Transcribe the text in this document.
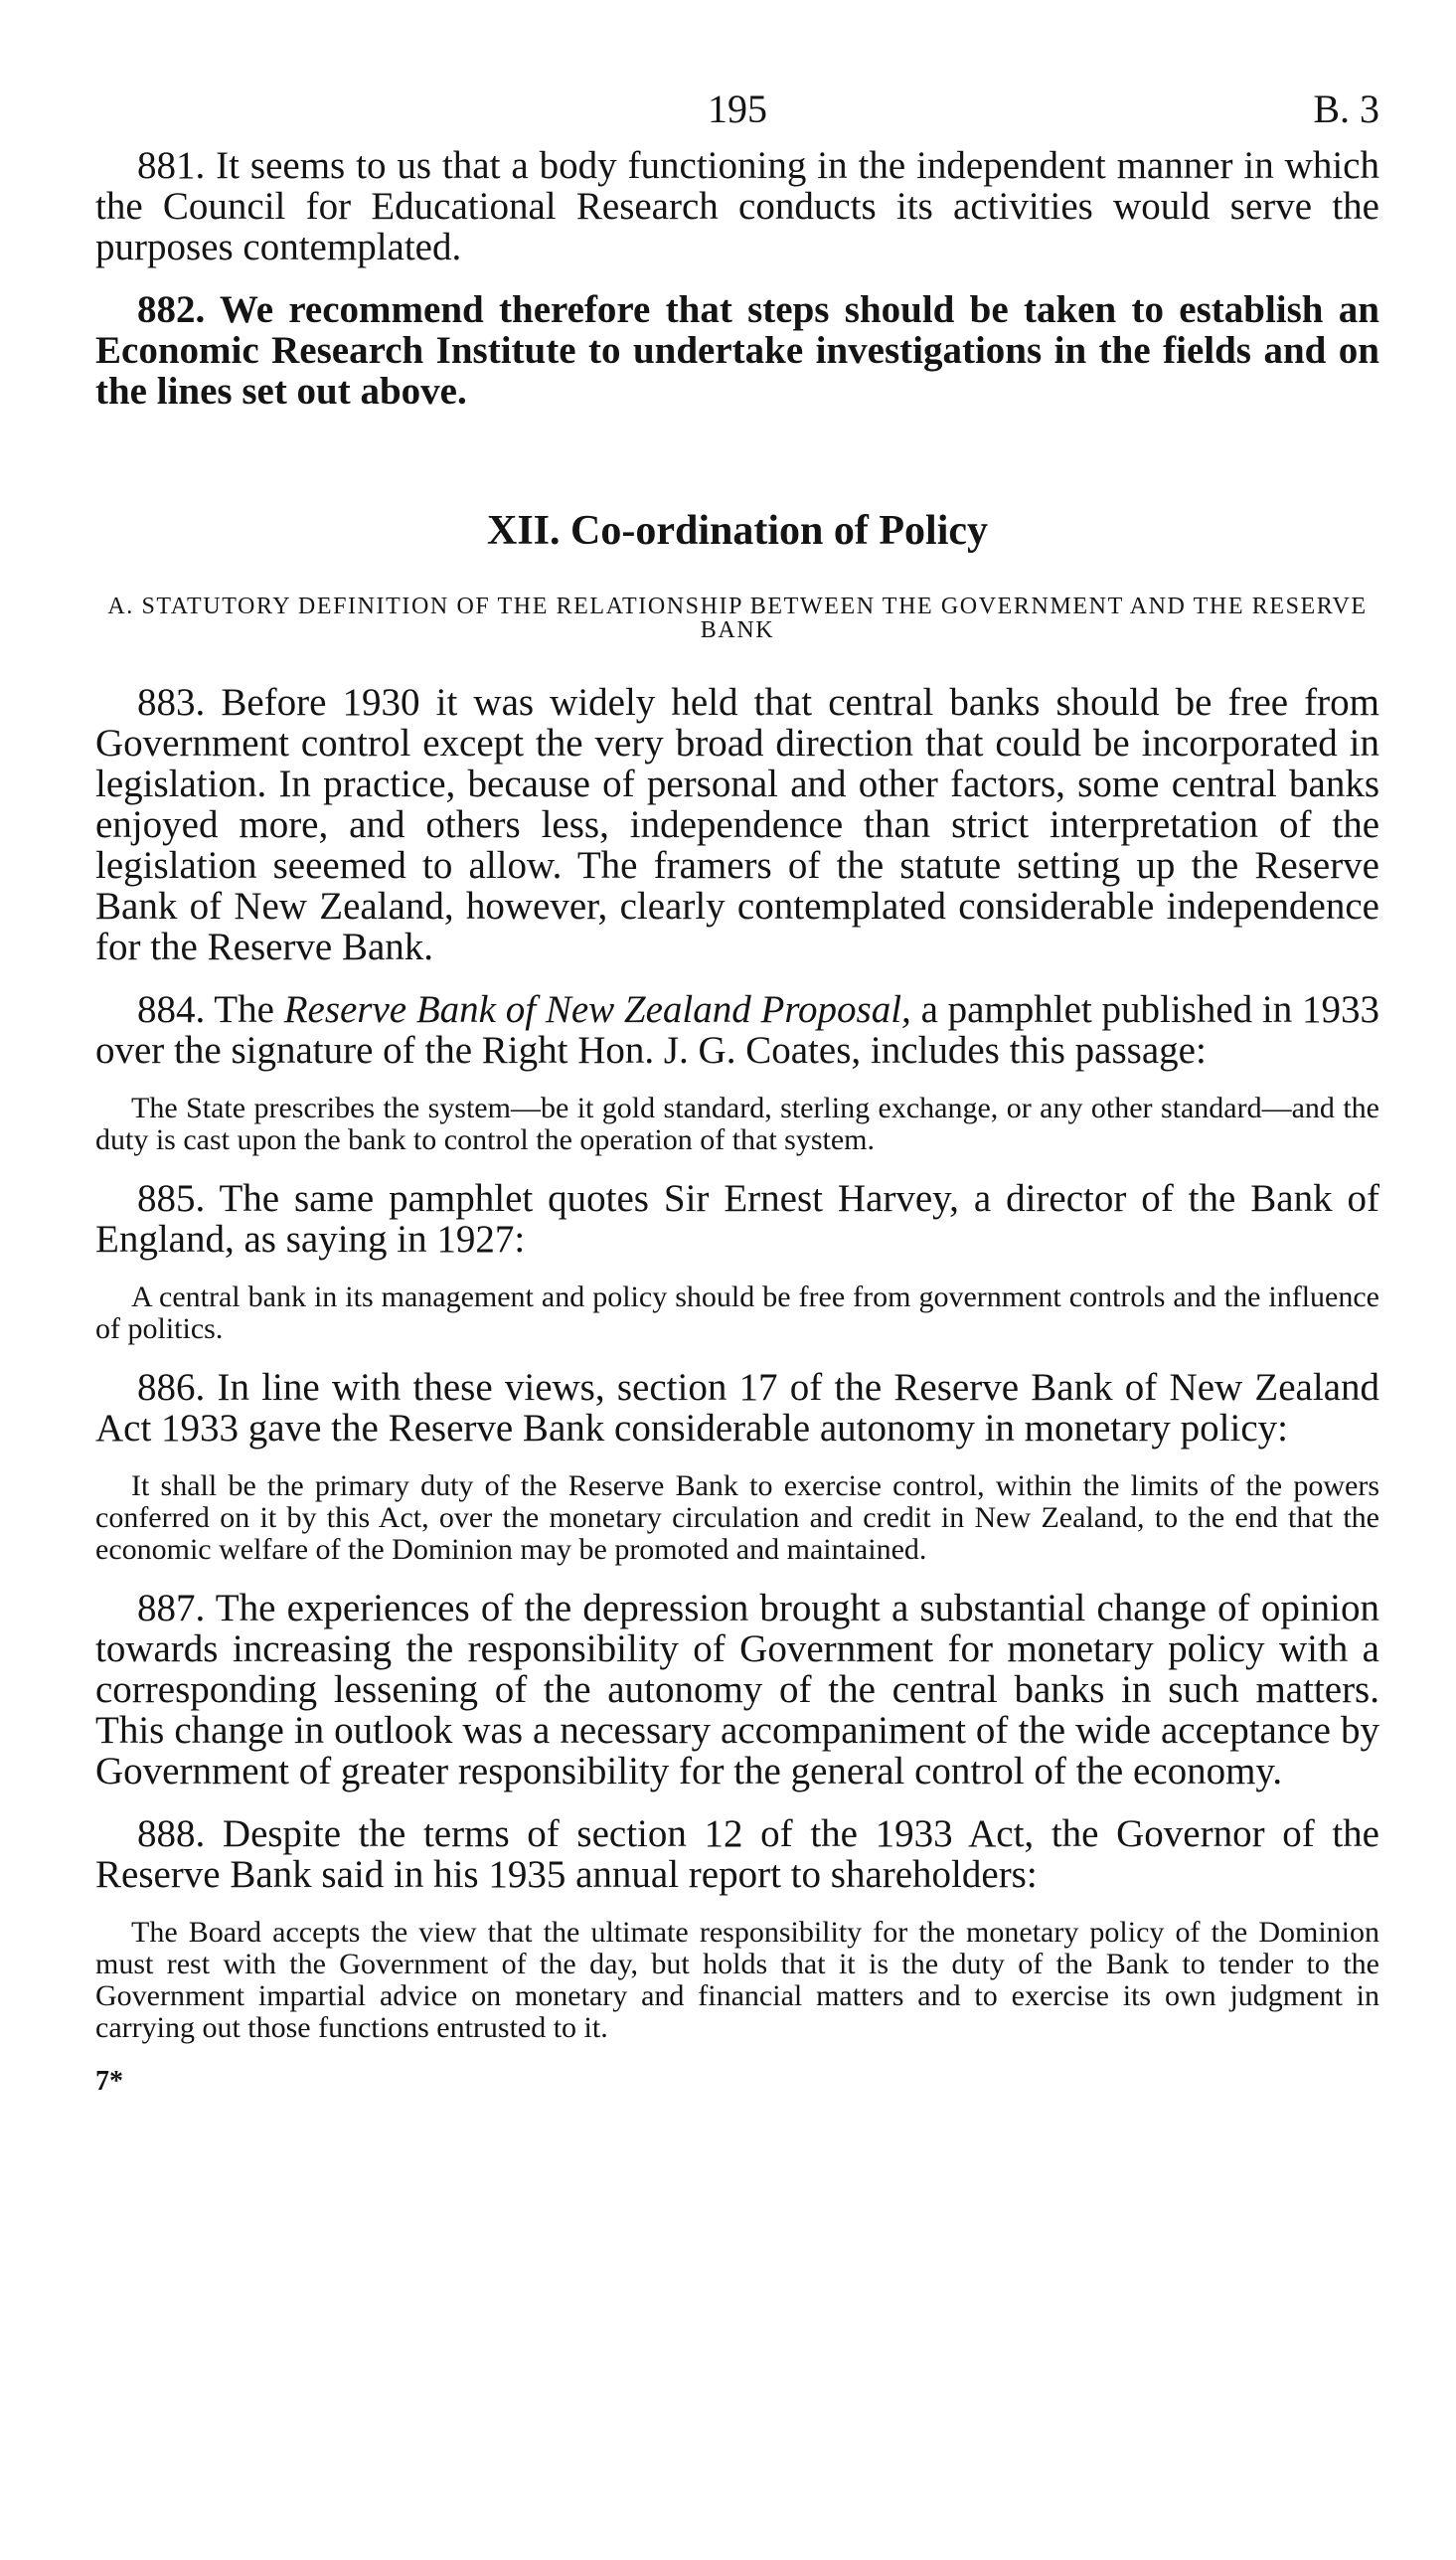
195	B. 3

881. It seems to us that a body functioning in the independent manner in which the Council for Educational Research conducts its activities would serve the purposes contemplated.

882. We recommend therefore that steps should be taken to establish an Economic Research Institute to undertake investigations in the fields and on the lines set out above.

XII. Co-ordination of Policy
A. STATUTORY DEFINITION OF THE RELATIONSHIP BETWEEN THE GOVERNMENT AND THE RESERVE BANK

883. Before 1930 it was widely held that central banks should be free from Government control except the very broad direction that could be incorporated in legislation. In practice, because of personal and other factors, some central banks enjoyed more, and others less, independence than strict interpretation of the legislation seeemed to allow. The framers of the statute setting up the Reserve Bank of New Zealand, however, clearly contemplated considerable independence for the Reserve Bank.

884. The Reserve Bank of New Zealand Proposal, a pamphlet published in 1933 over the signature of the Right Hon. J. G. Coates, includes this passage:

The State prescribes the system—be it gold standard, sterling exchange, or any other standard—and the duty is cast upon the bank to control the operation of that system.

885. The same pamphlet quotes Sir Ernest Harvey, a director of the Bank of England, as saying in 1927:

A central bank in its management and policy should be free from government controls and the influence of politics.

886. In line with these views, section 17 of the Reserve Bank of New Zealand Act 1933 gave the Reserve Bank considerable autonomy in monetary policy:

It shall be the primary duty of the Reserve Bank to exercise control, within the limits of the powers conferred on it by this Act, over the monetary circulation and credit in New Zealand, to the end that the economic welfare of the Dominion may be promoted and maintained.

887. The experiences of the depression brought a substantial change of opinion towards increasing the responsibility of Government for monetary policy with a corresponding lessening of the autonomy of the central banks in such matters. This change in outlook was a necessary accompaniment of the wide acceptance by Government of greater responsibility for the general control of the economy.

888. Despite the terms of section 12 of the 1933 Act, the Governor of the Reserve Bank said in his 1935 annual report to shareholders:

The Board accepts the view that the ultimate responsibility for the monetary policy of the Dominion must rest with the Government of the day, but holds that it is the duty of the Bank to tender to the Government impartial advice on monetary and financial matters and to exercise its own judgment in carrying out those functions entrusted to it.

7*
